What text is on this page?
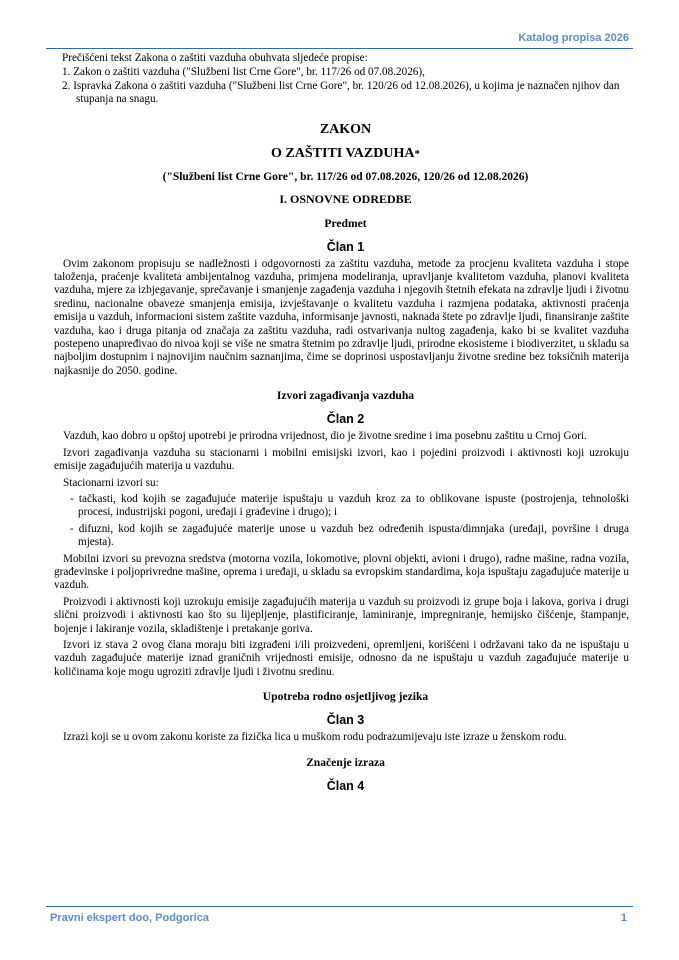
Katalog propisa 2026

Prečišćeni tekst Zakona o zaštiti vazduha obuhvata sljedeće propise:

1. Zakon o zaštiti vazduha ("Službeni list Crne Gore", br. 117/26 od 07.08.2026),

2. Ispravka Zakona o zaštiti vazduha ("Službeni list Crne Gore", br. 120/26 od 12.08.2026), u kojima je naznačen njihov dan stupanja na snagu.

ZAKON

O ZAŠTITI VAZDUHA*

("Službeni list Crne Gore", br. 117/26 od 07.08.2026, 120/26 od 12.08.2026)

I. OSNOVNE ODREDBE

Predmet

Član 1

Ovim zakonom propisuju se nadležnosti i odgovornosti za zaštitu vazduha, metode za procjenu kvaliteta vazduha i stope taloženja, praćenje kvaliteta ambijentalnog vazduha, primjena modeliranja, upravljanje kvalitetom vazduha, planovi kvaliteta vazduha, mjere za izbjegavanje, sprečavanje i smanjenje zagađenja vazduha i njegovih štetnih efekata na zdravlje ljudi i životnu sredinu, nacionalne obaveze smanjenja emisija, izvještavanje o kvalitetu vazduha i razmjena podataka, aktivnosti praćenja emisija u vazduh, informacioni sistem zaštite vazduha, informisanje javnosti, naknada štete po zdravlje ljudi, finansiranje zaštite vazduha, kao i druga pitanja od značaja za zaštitu vazduha, radi ostvarivanja nultog zagađenja, kako bi se kvalitet vazduha postepeno unapređivao do nivoa koji se više ne smatra štetnim po zdravlje ljudi, prirodne ekosisteme i biodiverzitet, u skladu sa najboljim dostupnim i najnovijim naučnim saznanjima, čime se doprinosi uspostavljanju životne sredine bez toksičnih materija najkasnije do 2050. godine.

Izvori zagađivanja vazduha

Član 2

Vazduh, kao dobro u opštoj upotrebi je prirodna vrijednost, dio je životne sredine i ima posebnu zaštitu u Crnoj Gori.

Izvori zagađivanja vazduha su stacionarni i mobilni emisijski izvori, kao i pojedini proizvodi i aktivnosti koji uzrokuju emisije zagađujućih materija u vazduhu.

Stacionarni izvori su:

- tačkasti, kod kojih se zagađujuće materije ispuštaju u vazduh kroz za to oblikovane ispuste (postrojenja, tehnološki procesi, industrijski pogoni, uređaji i građevine i drugo); i

- difuzni, kod kojih se zagađujuće materije unose u vazduh bez određenih ispusta/dimnjaka (uređaji, površine i druga mjesta).

Mobilni izvori su prevozna sredstva (motorna vozila, lokomotive, plovni objekti, avioni i drugo), radne mašine, radna vozila, građevinske i poljoprivredne mašine, oprema i uređaji, u skladu sa evropskim standardima, koja ispuštaju zagađujuće materije u vazduh.

Proizvodi i aktivnosti koji uzrokuju emisije zagađujućih materija u vazduh su proizvodi iz grupe boja i lakova, goriva i drugi slični proizvodi i aktivnosti kao što su lijepljenje, plastificiranje, laminiranje, impregniranje, hemijsko čišćenje, štampanje, bojenje i lakiranje vozila, skladištenje i pretakanje goriva.

Izvori iz stava 2 ovog člana moraju biti izgrađeni i/ili proizvedeni, opremljeni, korišćeni i održavani tako da ne ispuštaju u vazduh zagađujuće materije iznad graničnih vrijednosti emisije, odnosno da ne ispuštaju u vazduh zagađujuće materije u količinama koje mogu ugroziti zdravlje ljudi i životnu sredinu.

Upotreba rodno osjetljivog jezika

Član 3

Izrazi koji se u ovom zakonu koriste za fizička lica u muškom rodu podrazumijevaju iste izraze u ženskom rodu.

Značenje izraza

Član 4

Pravni ekspert doo, Podgorica	1
